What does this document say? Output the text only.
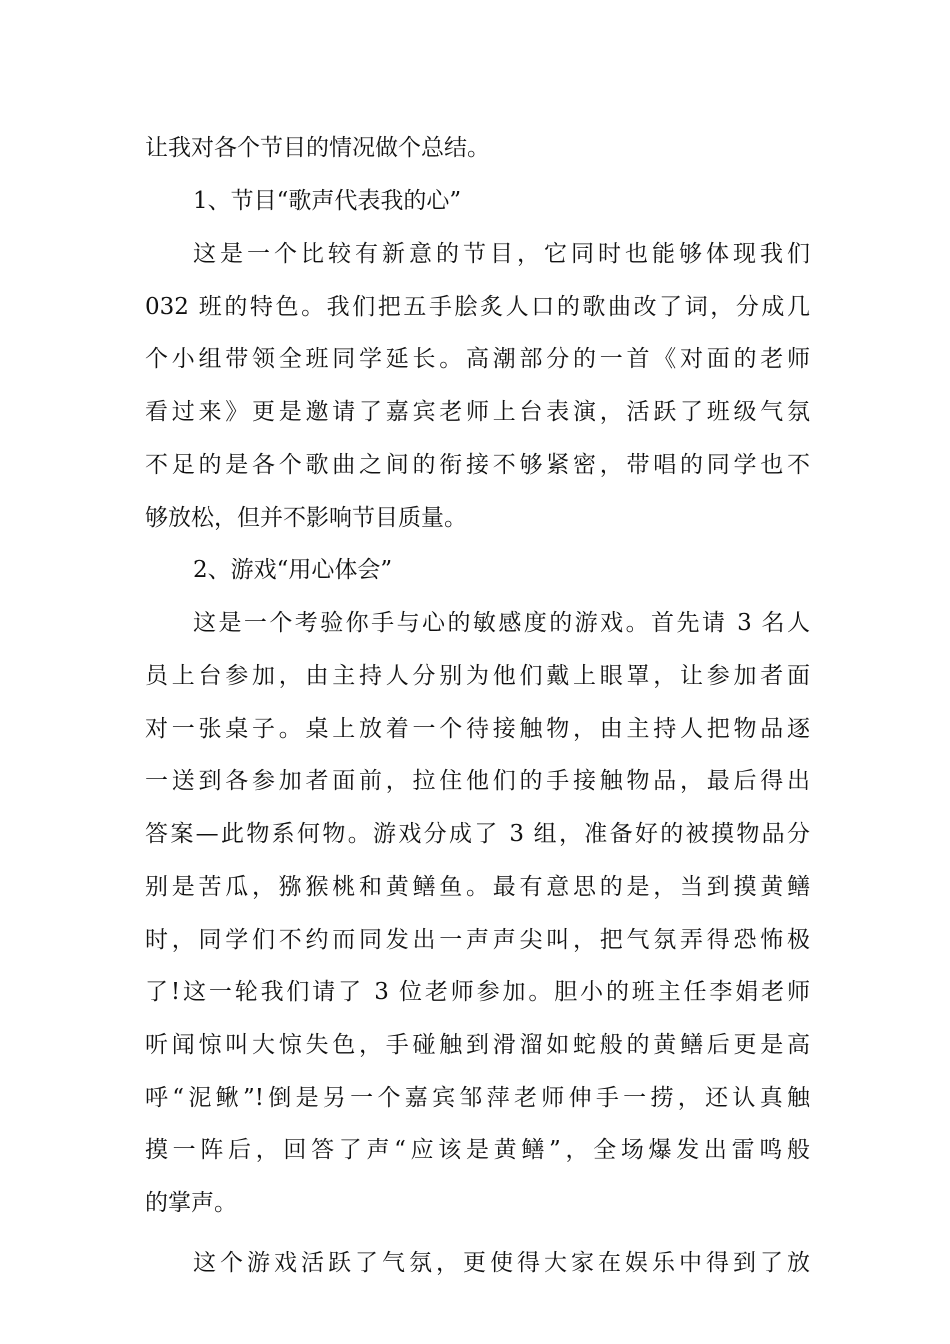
让我对各个节目的情况做个总结。
1、节目“歌声代表我的心”
这是一个比较有新意的节目，它同时也能够体现我们
032 班的特色。我们把五手脍炙人口的歌曲改了词，分成几
个小组带领全班同学延长。高潮部分的一首《对面的老师
看过来》更是邀请了嘉宾老师上台表演，活跃了班级气氛
不足的是各个歌曲之间的衔接不够紧密，带唱的同学也不
够放松，但并不影响节目质量。
2、游戏“用心体会”
这是一个考验你手与心的敏感度的游戏。首先请 3 名人
员上台参加，由主持人分别为他们戴上眼罩，让参加者面
对一张桌子。桌上放着一个待接触物，由主持人把物品逐
一送到各参加者面前，拉住他们的手接触物品，最后得出
答案—此物系何物。游戏分成了 3 组，准备好的被摸物品分
别是苦瓜，猕猴桃和黄鳝鱼。最有意思的是，当到摸黄鳝
时，同学们不约而同发出一声声尖叫，把气氛弄得恐怖极
了!这一轮我们请了 3 位老师参加。胆小的班主任李娟老师
听闻惊叫大惊失色，手碰触到滑溜如蛇般的黄鳝后更是高
呼“泥鳅”!倒是另一个嘉宾邹萍老师伸手一捞，还认真触
摸一阵后，回答了声“应该是黄鳝”，全场爆发出雷鸣般
的掌声。
这个游戏活跃了气氛，更使得大家在娱乐中得到了放
